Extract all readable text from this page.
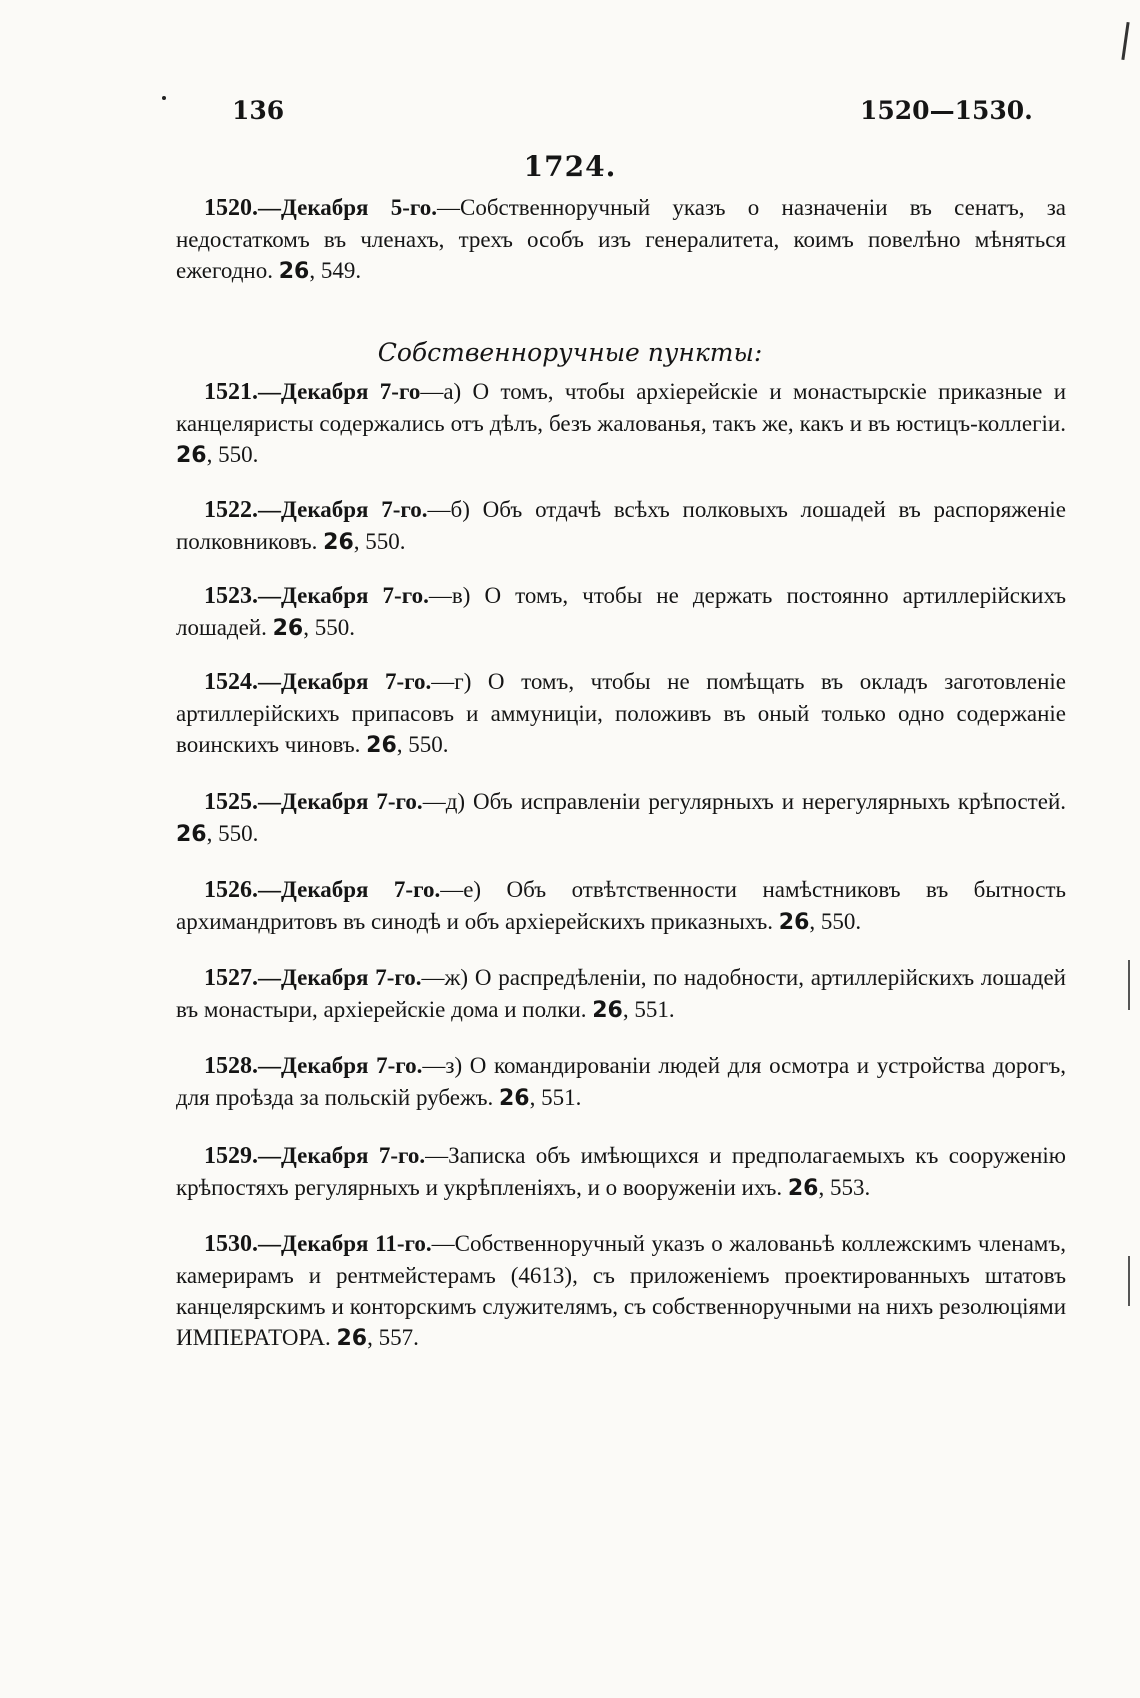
136	1520—1530.
1724.
1520.—Декабря 5-го.—Собственноручный указъ о назначеніи въ сенатъ, за недостаткомъ въ членахъ, трехъ особъ изъ генералитета, коимъ повелѣно мѣняться ежегодно. 26, 549.
Собственноручные пункты:
1521.—Декабря 7-го—а) О томъ, чтобы архіерейскіе и монастырскіе приказные и канцеляристы содержались отъ дѣлъ, безъ жалованья, такъ же, какъ и въ юстицъ-коллегіи. 26, 550.
1522.—Декабря 7-го.—б) Объ отдачѣ всѣхъ полковыхъ лошадей въ распоряженіе полковниковъ. 26, 550.
1523.—Декабря 7-го.—в) О томъ, чтобы не держать постоянно артиллерійскихъ лошадей. 26, 550.
1524.—Декабря 7-го.—г) О томъ, чтобы не помѣщать въ окладъ заготовленіе артиллерійскихъ припасовъ и аммуниціи, положивъ въ оный только одно содержаніе воинскихъ чиновъ. 26, 550.
1525.—Декабря 7-го.—д) Объ исправленіи регулярныхъ и нерегулярныхъ крѣпостей. 26, 550.
1526.—Декабря 7-го.—е) Объ отвѣтственности намѣстниковъ въ бытность архимандритовъ въ синодѣ и объ архіерейскихъ приказныхъ. 26, 550.
1527.—Декабря 7-го.—ж) О распредѣленіи, по надобности, артиллерійскихъ лошадей въ монастыри, архіерейскіе дома и полки. 26, 551.
1528.—Декабря 7-го.—з) О командированіи людей для осмотра и устройства дорогъ, для проѣзда за польскій рубежъ. 26, 551.
1529.—Декабря 7-го.—Записка объ имѣющихся и предполагаемыхъ къ сооруженію крѣпостяхъ регулярныхъ и укрѣпленіяхъ, и о вооруженіи ихъ. 26, 553.
1530.—Декабря 11-го.—Собственноручный указъ о жалованьѣ коллежскимъ членамъ, камерирамъ и рентмейстерамъ (4613), съ приложеніемъ проектированныхъ штатовъ канцелярскимъ и конторскимъ служителямъ, съ собственноручными на нихъ резолюціями ИМПЕРАТОРА. 26, 557.
